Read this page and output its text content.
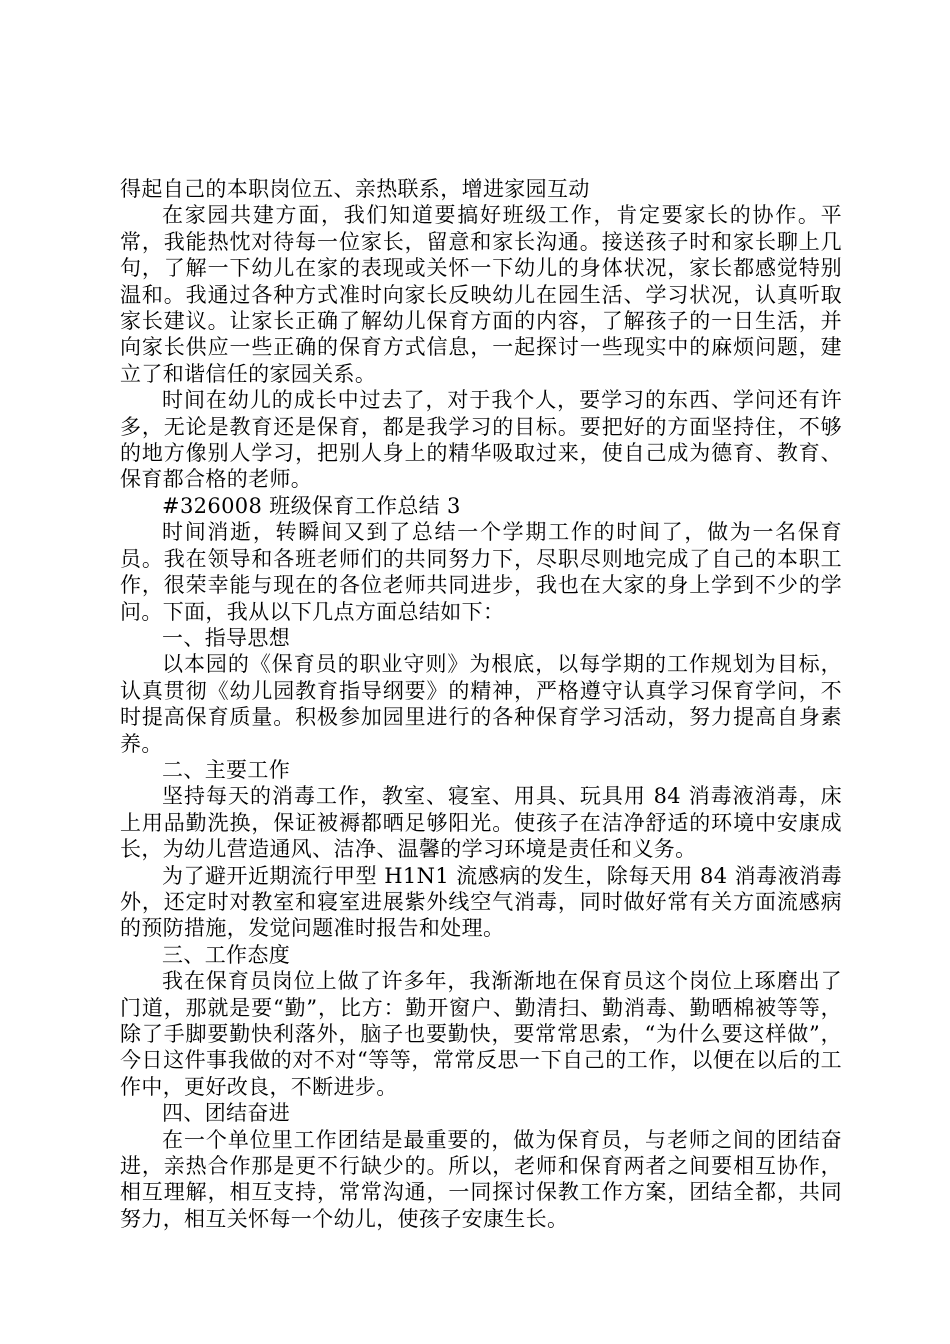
得起自己的本职岗位五、亲热联系，增进家园互动

在家园共建方面，我们知道要搞好班级工作，肯定要家长的协作。平常，我能热忱对待每一位家长，留意和家长沟通。接送孩子时和家长聊上几句，了解一下幼儿在家的表现或关怀一下幼儿的身体状况，家长都感觉特别温和。我通过各种方式准时向家长反映幼儿在园生活、学习状况，认真听取家长建议。让家长正确了解幼儿保育方面的内容，了解孩子的一日生活，并向家长供应一些正确的保育方式信息，一起探讨一些现实中的麻烦问题，建立了和谐信任的家园关系。

时间在幼儿的成长中过去了，对于我个人，要学习的东西、学问还有许多，无论是教育还是保育，都是我学习的目标。要把好的方面坚持住，不够的地方像别人学习，把别人身上的精华吸取过来，使自己成为德育、教育、保育都合格的老师。

#326008 班级保育工作总结 3

时间消逝，转瞬间又到了总结一个学期工作的时间了，做为一名保育员。我在领导和各班老师们的共同努力下，尽职尽则地完成了自己的本职工作，很荣幸能与现在的各位老师共同进步，我也在大家的身上学到不少的学问。下面，我从以下几点方面总结如下：

一、指导思想

以本园的《保育员的职业守则》为根底，以每学期的工作规划为目标，认真贯彻《幼儿园教育指导纲要》的精神，严格遵守认真学习保育学问，不时提高保育质量。积极参加园里进行的各种保育学习活动，努力提高自身素养。

二、主要工作

坚持每天的消毒工作，教室、寝室、用具、玩具用 84 消毒液消毒，床上用品勤洗换，保证被褥都晒足够阳光。使孩子在洁净舒适的环境中安康成长，为幼儿营造通风、洁净、温馨的学习环境是责任和义务。

为了避开近期流行甲型 H1N1 流感病的发生，除每天用 84 消毒液消毒外，还定时对教室和寝室进展紫外线空气消毒，同时做好常有关方面流感病的预防措施，发觉问题准时报告和处理。

三、工作态度

我在保育员岗位上做了许多年，我渐渐地在保育员这个岗位上琢磨出了门道，那就是要“勤”，比方：勤开窗户、勤清扫、勤消毒、勤晒棉被等等，除了手脚要勤快利落外，脑子也要勤快，要常常思索，“为什么要这样做”，今日这件事我做的对不对“等等，常常反思一下自己的工作，以便在以后的工作中，更好改良，不断进步。

四、团结奋进

在一个单位里工作团结是最重要的，做为保育员，与老师之间的团结奋进，亲热合作那是更不行缺少的。所以，老师和保育两者之间要相互协作，相互理解，相互支持，常常沟通，一同探讨保教工作方案，团结全都，共同努力，相互关怀每一个幼儿，使孩子安康生长。
